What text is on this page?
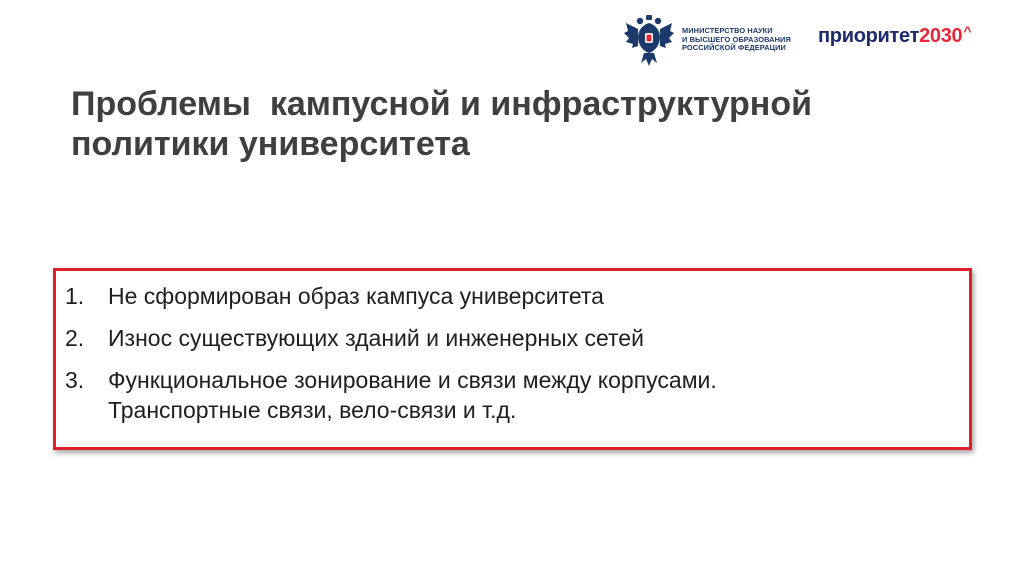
МИНИСТЕРСТВО НАУКИ
И ВЫСШЕГО ОБРАЗОВАНИЯ
РОССИЙСКОЙ ФЕДЕРАЦИИ
приоритет2030^
Проблемы  кампусной и инфраструктурной
политики университета
1.	Не сформирован образ кампуса университета
2.	Износ существующих зданий и инженерных сетей
3.	Функциональное зонирование и связи между корпусами.
Транспортные связи, вело-связи и т.д.
